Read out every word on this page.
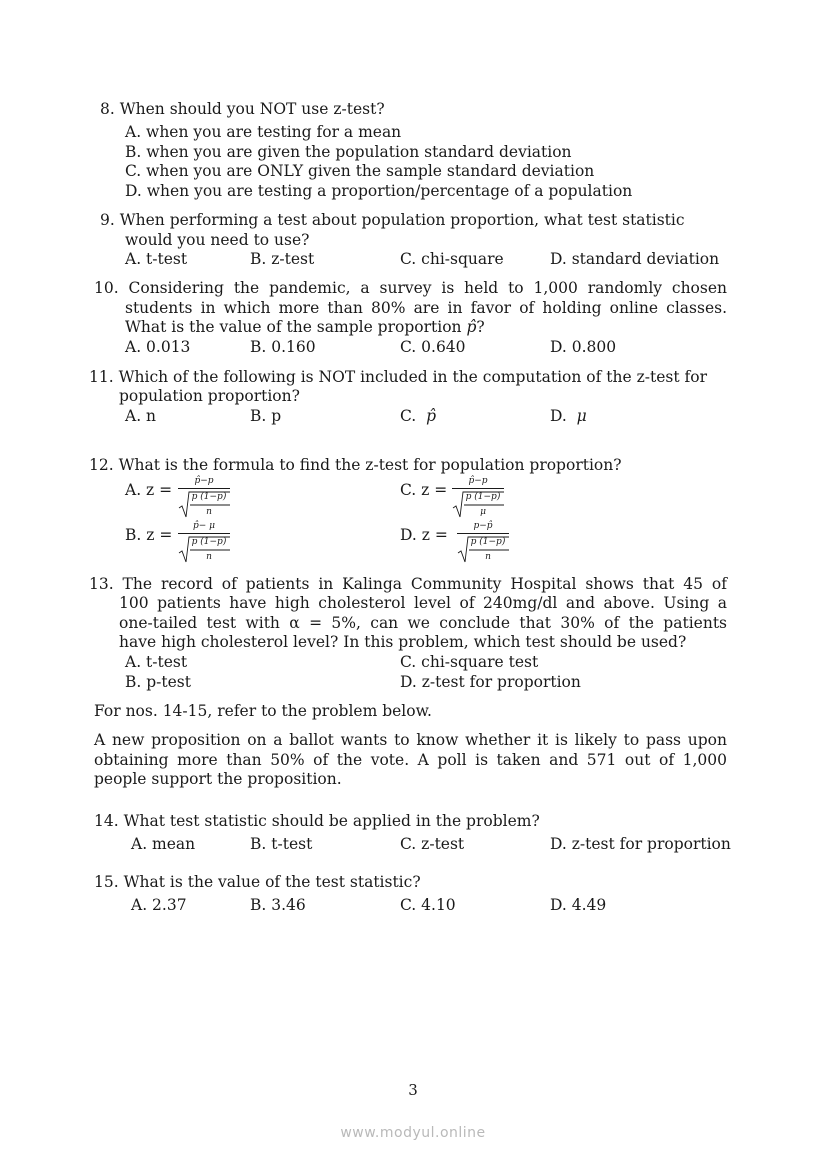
8. When should you NOT use z-test?
A. when you are testing for a mean
B. when you are given the population standard deviation
C. when you are ONLY given the sample standard deviation
D. when you are testing a proportion/percentage of a population
9. When performing a test about population proportion, what test statistic
would you need to use?
A. t-test	B. z-test	C. chi-square	D. standard deviation
10. Considering the pandemic, a survey is held to 1,000 randomly chosen
students in which more than 80% are in favor of holding online classes.
What is the value of the sample proportion p̂?
A. 0.013	B. 0.160	C. 0.640	D. 0.800
11. Which of the following is NOT included in the computation of the z-test for
population proportion?
A. n	B. p	C. p̂	D. μ
12. What is the formula to find the z-test for population proportion?
A. z =	p̂−p
p (1−p)
n
C. z =	p̂−p
p (1−p)
μ
B. z =	p̂− μ
p (1−p)
n
D. z =	p−p̂
p (1−p)
n
13. The record of patients in Kalinga Community Hospital shows that 45 of
100 patients have high cholesterol level of 240mg/dl and above. Using a
one-tailed test with α = 5%, can we conclude that 30% of the patients
have high cholesterol level? In this problem, which test should be used?
A. t-test	C. chi-square test
B. p-test	D. z-test for proportion
For nos. 14-15, refer to the problem below.
A new proposition on a ballot wants to know whether it is likely to pass upon
obtaining more than 50% of the vote. A poll is taken and 571 out of 1,000
people support the proposition.
14. What test statistic should be applied in the problem?
A. mean	B. t-test	C. z-test	D. z-test for proportion
15. What is the value of the test statistic?
A. 2.37	B. 3.46	C. 4.10	D. 4.49
3
www.modyul.online
